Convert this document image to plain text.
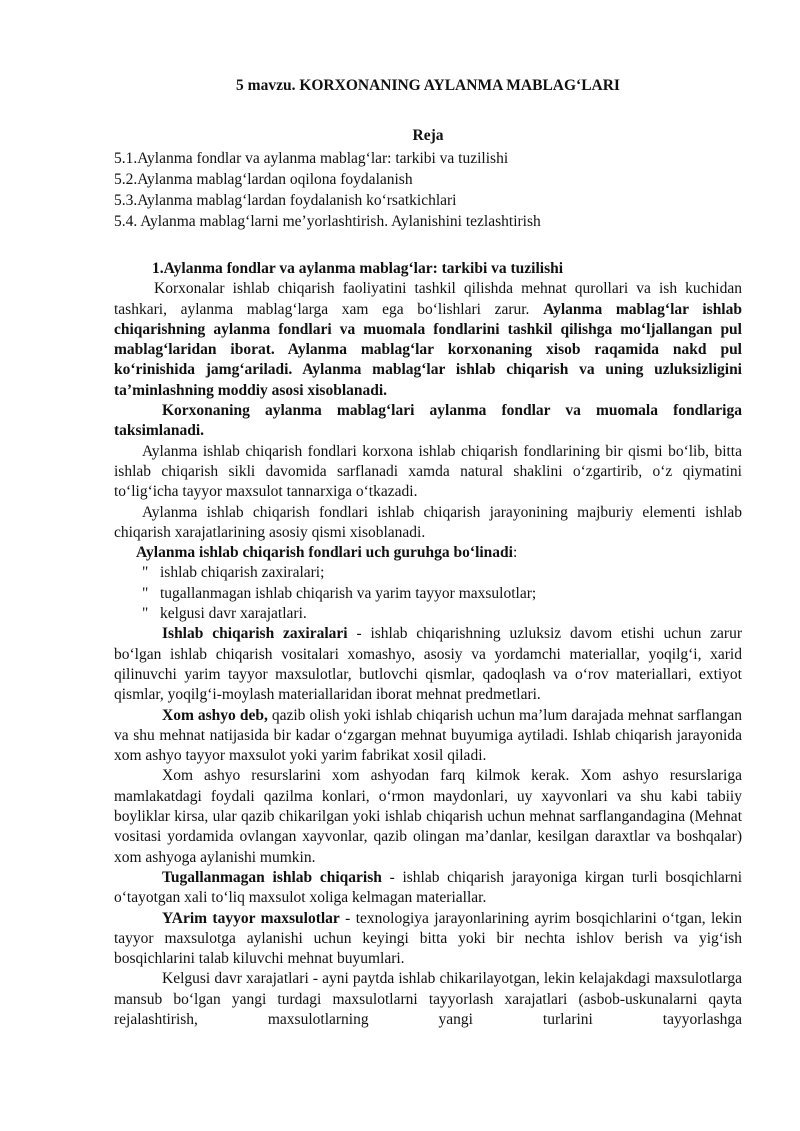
5 mavzu. KORXONANING AYLANMA MABLAG‘LARI
Reja
5.1.Aylanma fondlar va aylanma mablag‘lar: tarkibi va tuzilishi
5.2.Aylanma mablag‘lardan oqilona foydalanish
5.3.Aylanma mablag‘lardan foydalanish ko‘rsatkichlari
5.4. Aylanma mablag‘larni me’yorlashtirish. Aylanishini tezlashtirish

1.Aylanma fondlar va aylanma mablag‘lar: tarkibi va tuzilishi

Korxonalar ishlab chiqarish faoliyatini tashkil qilishda mehnat qurollari va ish kuchidan tashkari, aylanma mablag‘larga xam ega bo‘lishlari zarur. Aylanma mablag‘lar ishlab chiqarishning aylanma fondlari va muomala fondlarini tashkil qilishga mo‘ljallangan pul mablag‘laridan iborat. Aylanma mablag‘lar korxonaning xisob raqamida nakd pul ko‘rinishida jamg‘ariladi. Aylanma mablag‘lar ishlab chiqarish va uning uzluksizligini ta’minlashning moddiy asosi xisoblanadi.

Korxonaning aylanma mablag‘lari aylanma fondlar va muomala fondlariga taksimlanadi.

Aylanma ishlab chiqarish fondlari korxona ishlab chiqarish fondlarining bir qismi bo‘lib, bitta ishlab chiqarish sikli davomida sarflanadi xamda natural shaklini o‘zgartirib, o‘z qiymatini to‘lig‘icha tayyor maxsulot tannarxiga o‘tkazadi.

Aylanma ishlab chiqarish fondlari ishlab chiqarish jarayonining majburiy elementi ishlab chiqarish xarajatlarining asosiy qismi xisoblanadi.

Aylanma ishlab chiqarish fondlari uch guruhga bo‘linadi:

" ishlab chiqarish zaxiralari;

" tugallanmagan ishlab chiqarish va yarim tayyor maxsulotlar;

" kelgusi davr xarajatlari.

Ishlab chiqarish zaxiralari - ishlab chiqarishning uzluksiz davom etishi uchun zarur bo‘lgan ishlab chiqarish vositalari xomashyo, asosiy va yordamchi materiallar, yoqilg‘i, xarid qilinuvchi yarim tayyor maxsulotlar, butlovchi qismlar, qadoqlash va o‘rov materiallari, extiyot qismlar, yoqilg‘i-moylash materiallaridan iborat mehnat predmetlari.

Xom ashyo deb, qazib olish yoki ishlab chiqarish uchun ma’lum darajada mehnat sarflangan va shu mehnat natijasida bir kadar o‘zgargan mehnat buyumiga aytiladi. Ishlab chiqarish jarayonida xom ashyo tayyor maxsulot yoki yarim fabrikat xosil qiladi.

Xom ashyo resurslarini xom ashyodan farq kilmok kerak. Xom ashyo resurslariga mamlakatdagi foydali qazilma konlari, o‘rmon maydonlari, uy xayvonlari va shu kabi tabiiy boyliklar kirsa, ular qazib chikarilgan yoki ishlab chiqarish uchun mehnat sarflangandagina (Mehnat vositasi yordamida ovlangan xayvonlar, qazib olingan ma’danlar, kesilgan daraxtlar va boshqalar) xom ashyoga aylanishi mumkin.

Tugallanmagan ishlab chiqarish - ishlab chiqarish jarayoniga kirgan turli bosqichlarni o‘tayotgan xali to‘liq maxsulot xoliga kelmagan materiallar.

YArim tayyor maxsulotlar - texnologiya jarayonlarining ayrim bosqichlarini o‘tgan, lekin tayyor maxsulotga aylanishi uchun keyingi bitta yoki bir nechta ishlov berish va yig‘ish bosqichlarini talab kiluvchi mehnat buyumlari.

Kelgusi davr xarajatlari - ayni paytda ishlab chikarilayotgan, lekin kelajakdagi maxsulotlarga mansub bo‘lgan yangi turdagi maxsulotlarni tayyorlash xarajatlari (asbob-uskunalarni qayta rejalashtirish, maxsulotlarning yangi turlarini tayyorlashga
